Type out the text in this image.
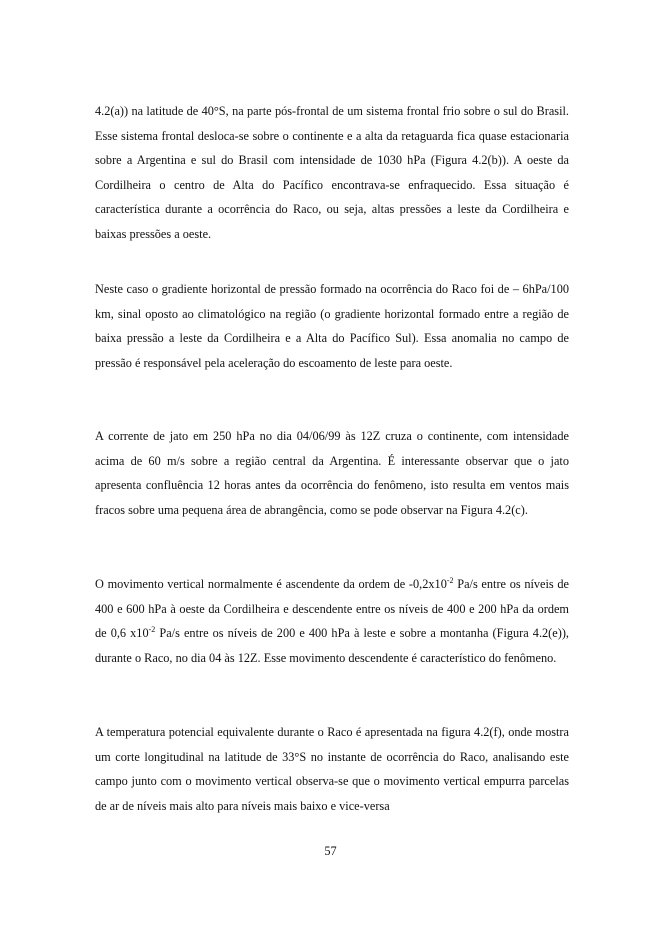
4.2(a)) na latitude de 40°S, na parte pós-frontal de um sistema frontal frio sobre o sul do Brasil. Esse sistema frontal desloca-se sobre o continente e a alta da retaguarda fica quase estacionaria sobre a Argentina e sul do Brasil com intensidade de 1030 hPa (Figura 4.2(b)). A oeste da Cordilheira o centro de Alta do Pacífico encontrava-se enfraquecido. Essa situação é característica durante a ocorrência do Raco, ou seja, altas pressões a leste da Cordilheira e baixas pressões a oeste.

Neste caso o gradiente horizontal de pressão formado na ocorrência do Raco foi de – 6hPa/100 km, sinal oposto ao climatológico na região (o gradiente horizontal formado entre a região de baixa pressão a leste da Cordilheira e a Alta do Pacífico Sul). Essa anomalia no campo de pressão é responsável pela aceleração do escoamento de leste para oeste.

A corrente de jato em 250 hPa no dia 04/06/99 às 12Z cruza o continente, com intensidade acima de 60 m/s sobre a região central da Argentina. É interessante observar que o jato apresenta confluência 12 horas antes da ocorrência do fenômeno, isto resulta em ventos mais fracos sobre uma pequena área de abrangência, como se pode observar na Figura 4.2(c).

O movimento vertical normalmente é ascendente da ordem de $-0,2x10^{-2}$ Pa/s entre os níveis de 400 e 600 hPa à oeste da Cordilheira e descendente entre os níveis de 400 e 200 hPa da ordem de 0,6 $x10^{-2}$ Pa/s entre os níveis de 200 e 400 hPa à leste e sobre a montanha (Figura 4.2(e)), durante o Raco, no dia 04 às 12Z. Esse movimento descendente é característico do fenômeno.

A temperatura potencial equivalente durante o Raco é apresentada na figura 4.2(f), onde mostra um corte longitudinal na latitude de 33°S no instante de ocorrência do Raco, analisando este campo junto com o movimento vertical observa-se que o movimento vertical empurra parcelas de ar de níveis mais alto para níveis mais baixo e vice-versa

57
